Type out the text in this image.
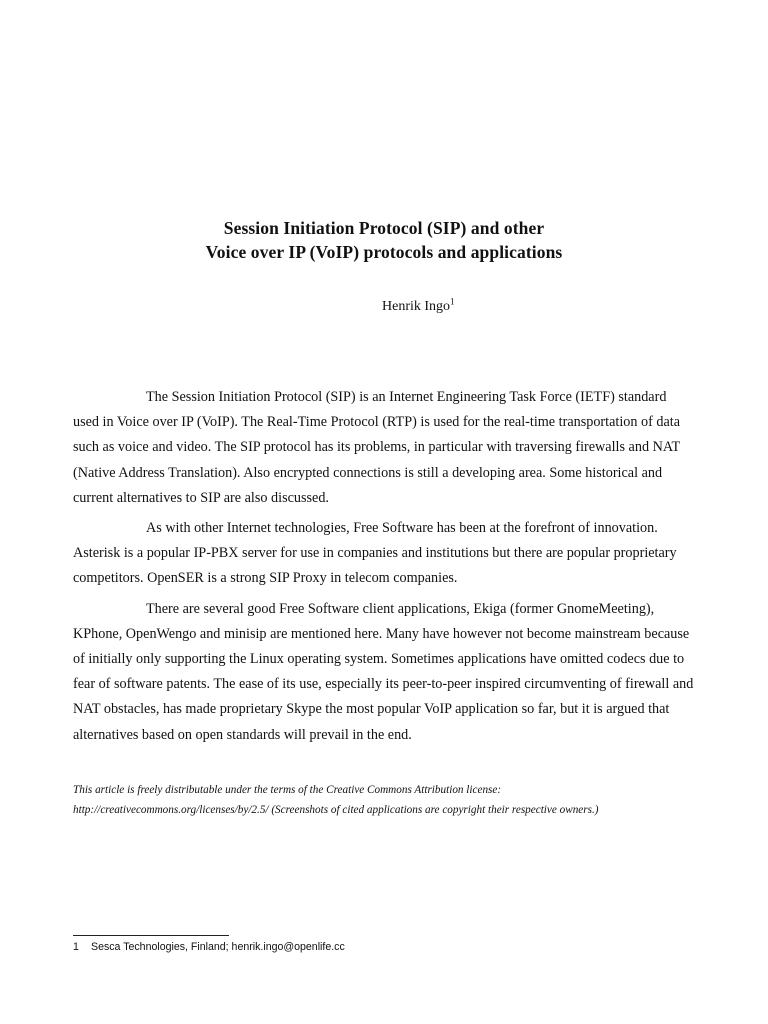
Session Initiation Protocol (SIP) and other
Voice over IP (VoIP) protocols and applications
Henrik Ingo$^1$

The Session Initiation Protocol (SIP) is an Internet Engineering Task Force (IETF) standard used in Voice over IP (VoIP). The Real-Time Protocol (RTP) is used for the real-time transportation of data such as voice and video. The SIP protocol has its problems, in particular with traversing firewalls and NAT (Native Address Translation). Also encrypted connections is still a developing area. Some historical and current alternatives to SIP are also discussed.

As with other Internet technologies, Free Software has been at the forefront of innovation. Asterisk is a popular IP-PBX server for use in companies and institutions but there are popular proprietary competitors. OpenSER is a strong SIP Proxy in telecom companies.

There are several good Free Software client applications, Ekiga (former GnomeMeeting), KPhone, OpenWengo and minisip are mentioned here. Many have however not become mainstream because of initially only supporting the Linux operating system. Sometimes applications have omitted codecs due to fear of software patents. The ease of its use, especially its peer-to-peer inspired circumventing of firewall and NAT obstacles, has made proprietary Skype the most popular VoIP application so far, but it is argued that alternatives based on open standards will prevail in the end.

This article is freely distributable under the terms of the Creative Commons Attribution license:
http://creativecommons.org/licenses/by/2.5/ (Screenshots of cited applications are copyright their respective owners.)
1 Sesca Technologies, Finland; henrik.ingo@openlife.cc
